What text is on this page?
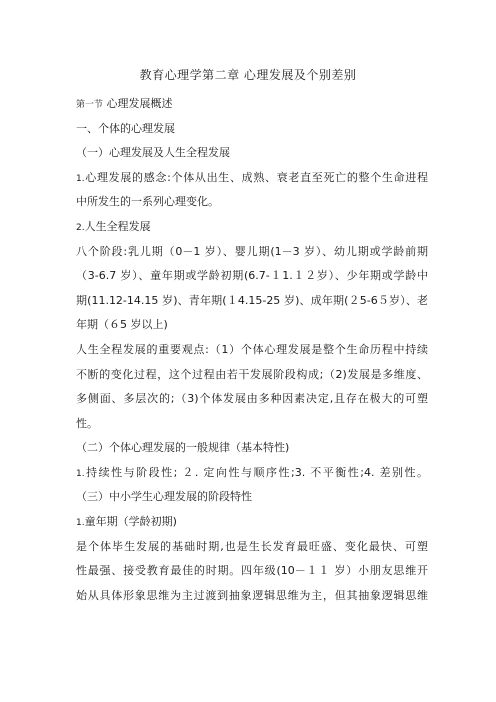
教育心理学第二章 心理发展及个别差别
第一节 心理发展概述
一、个体的心理发展
（一）心理发展及人生全程发展
1.心理发展的感念:个体从出生、成熟、衰老直至死亡的整个生命进程
中所发生的一系列心理变化。
2.人生全程发展
八个阶段:乳儿期（0－1 岁）、婴儿期(1－3 岁）、幼儿期或学龄前期
（3-6.7 岁）、童年期或学龄初期(6.7-１1.１２岁）、少年期或学龄中
期(11.12-14.15 岁)、青年期(１4.15-25 岁)、成年期(２5-6５岁）、老
年期（６5 岁以上)
人生全程发展的重要观点:（1）个体心理发展是整个生命历程中持续
不断的变化过程，这个过程由若干发展阶段构成;（2)发展是多维度、
多侧面、多层次的;（3)个体发展由多种因素决定,且存在极大的可塑
性。
（二）个体心理发展的一般规律（基本特性)
1.持续性与阶段性; ２. 定向性与顺序性;3. 不平衡性;4. 差别性。
（三）中小学生心理发展的阶段特性
1.童年期（学龄初期)
是个体毕生发展的基础时期,也是生长发育最旺盛、变化最快、可塑
性最强、接受教育最佳的时期。四年级(10－１１ 岁）小朋友思维开
始从具体形象思维为主过渡到抽象逻辑思维为主，但其抽象逻辑思维
